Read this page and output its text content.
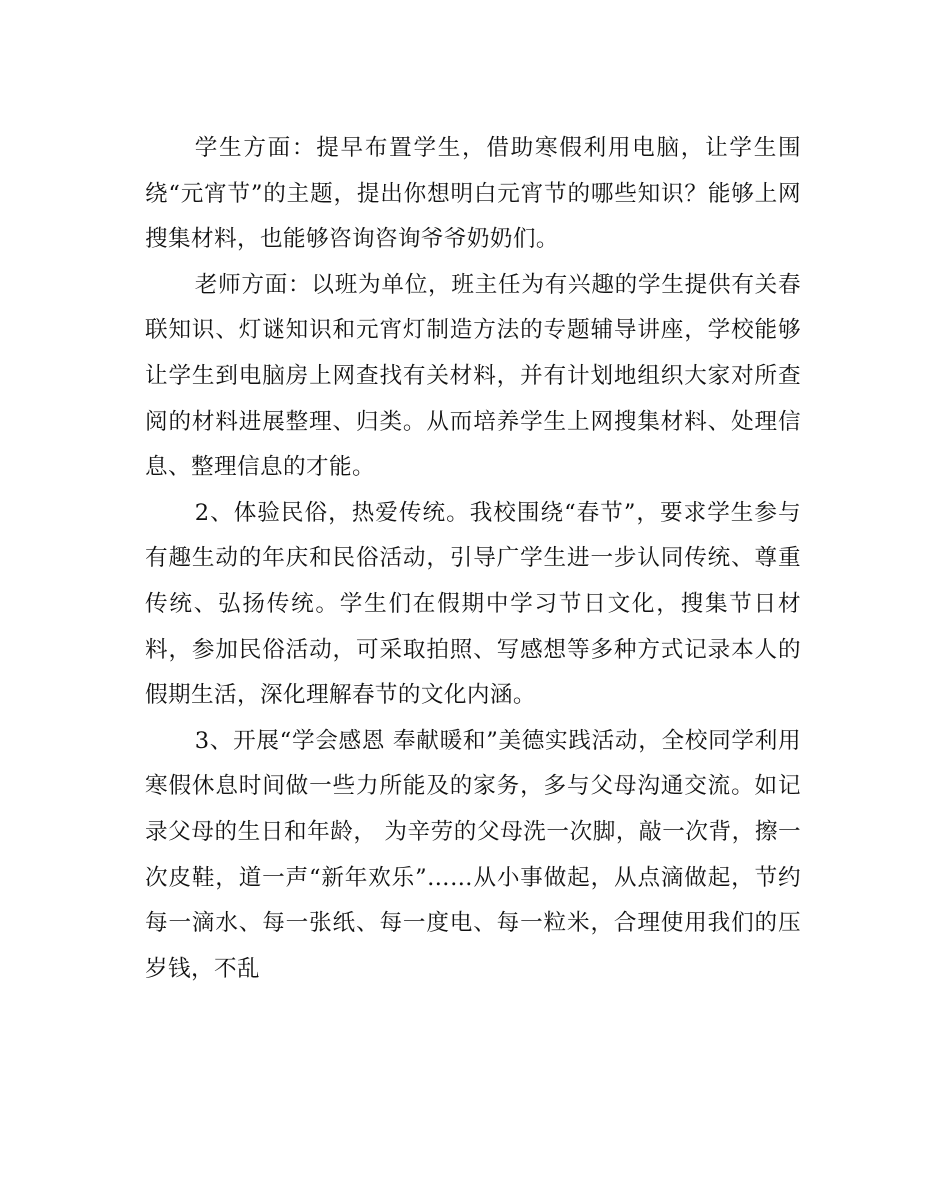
学生方面：提早布置学生，借助寒假利用电脑，让学生围绕“元宵节”的主题，提出你想明白元宵节的哪些知识？能够上网搜集材料，也能够咨询咨询爷爷奶奶们。

老师方面：以班为单位，班主任为有兴趣的学生提供有关春联知识、灯谜知识和元宵灯制造方法的专题辅导讲座，学校能够让学生到电脑房上网查找有关材料，并有计划地组织大家对所查阅的材料进展整理、归类。从而培养学生上网搜集材料、处理信息、整理信息的才能。

2、体验民俗，热爱传统。我校围绕“春节”，要求学生参与有趣生动的年庆和民俗活动，引导广学生进一步认同传统、尊重传统、弘扬传统。学生们在假期中学习节日文化，搜集节日材料，参加民俗活动，可采取拍照、写感想等多种方式记录本人的假期生活，深化理解春节的文化内涵。

3、开展“学会感恩 奉献暖和”美德实践活动，全校同学利用寒假休息时间做一些力所能及的家务，多与父母沟通交流。如记录父母的生日和年龄， 为辛劳的父母洗一次脚，敲一次背，擦一次皮鞋，道一声“新年欢乐”……从小事做起，从点滴做起，节约每一滴水、每一张纸、每一度电、每一粒米，合理使用我们的压岁钱，不乱
